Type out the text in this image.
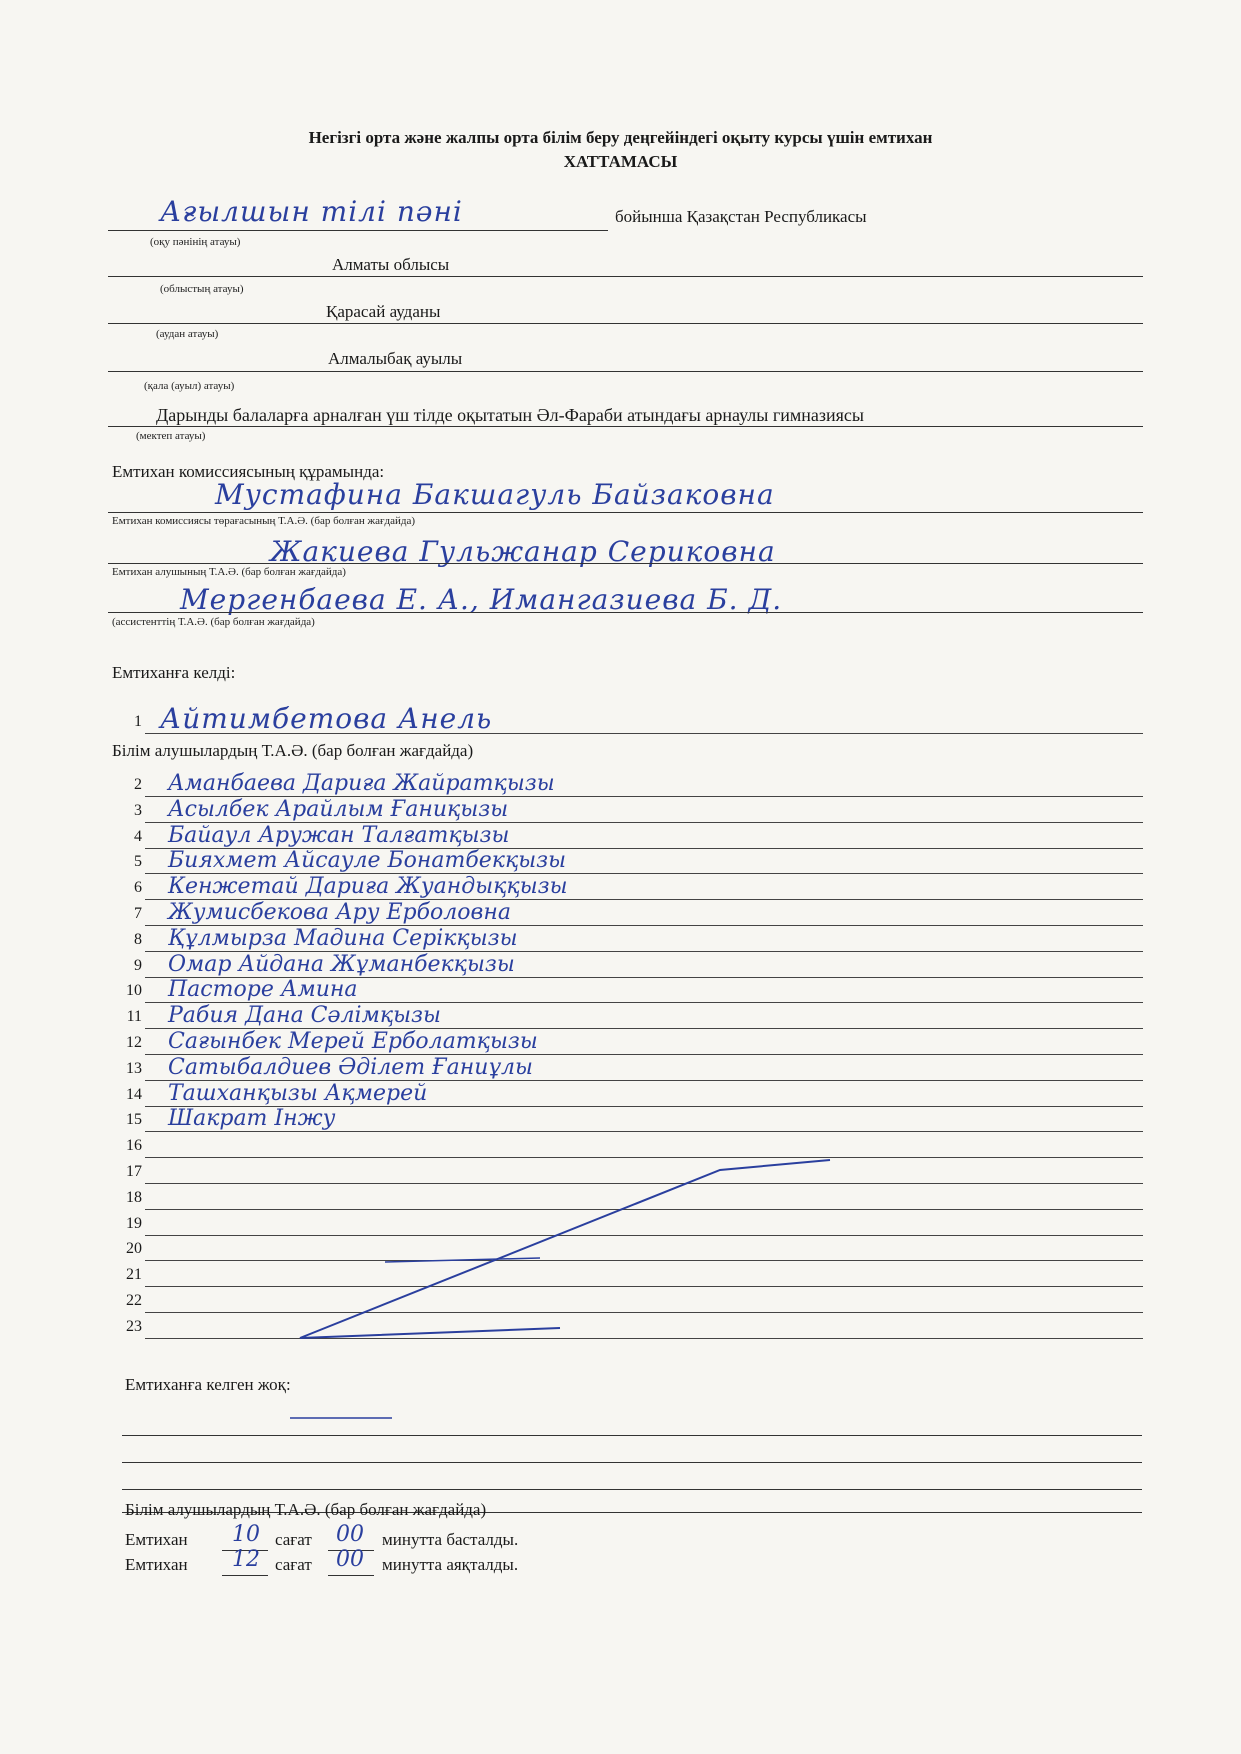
Негізгі орта және жалпы орта білім беру деңгейіндегі оқыту курсы үшін емтихан
ХАТТАМАСЫ
Ағылшын тілі пәні	бойынша Қазақстан Республикасы
(оқу пәнінің атауы)
Алматы облысы
(облыстың атауы)
Қарасай ауданы
(аудан атауы)
Алмалыбақ ауылы
(қала (ауыл) атауы)
Дарынды балаларға арналған үш тілде оқытатын Әл-Фараби атындағы арнаулы гимназиясы
(мектеп атауы)
Емтихан комиссиясының құрамында:
Мустафина Бакшагуль Байзаковна
Емтихан комиссиясы төрағасының Т.А.Ә. (бар болған жағдайда)
Жакиева Гульжанар Сериковна
Емтихан алушының Т.А.Ә. (бар болған жағдайда)
Мергенбаева Е. А., Имангазиева Б. Д.
(ассистенттің Т.А.Ә. (бар болған жағдайда)
Емтиханға келді:
1 Айтимбетова Анель
Білім алушылардың Т.А.Ә. (бар болған жағдайда)
2 Аманбаева Дариға Жайратқызы
3 Асылбек Арайлым Ғаниқызы
4 Байаул Аружан Талғатқызы
5 Бияхмет Айсауле Бонатбекқызы
6 Кенжетай Дариға Жуандыққызы
7 Жумисбекова Ару Ерболовна
8 Құлмырза Мадина Серікқызы
9 Омар Айдана Жұманбекқызы
10 Пасторе Амина
11 Рабия Дана Сәлімқызы
12 Сағынбек Мерей Ерболатқызы
13 Сатыбалдиев Әділет Ғаниұлы
14 Ташханқызы Ақмерей
15 Шакрат Інжу
16
17
18
19
20
21
22
23
Емтиханға келген жоқ:
Білім алушылардың Т.А.Ә. (бар болған жағдайда)
Емтихан 10 сағат 00 минутта басталды.
Емтихан 12 сағат 00 минутта аяқталды.
